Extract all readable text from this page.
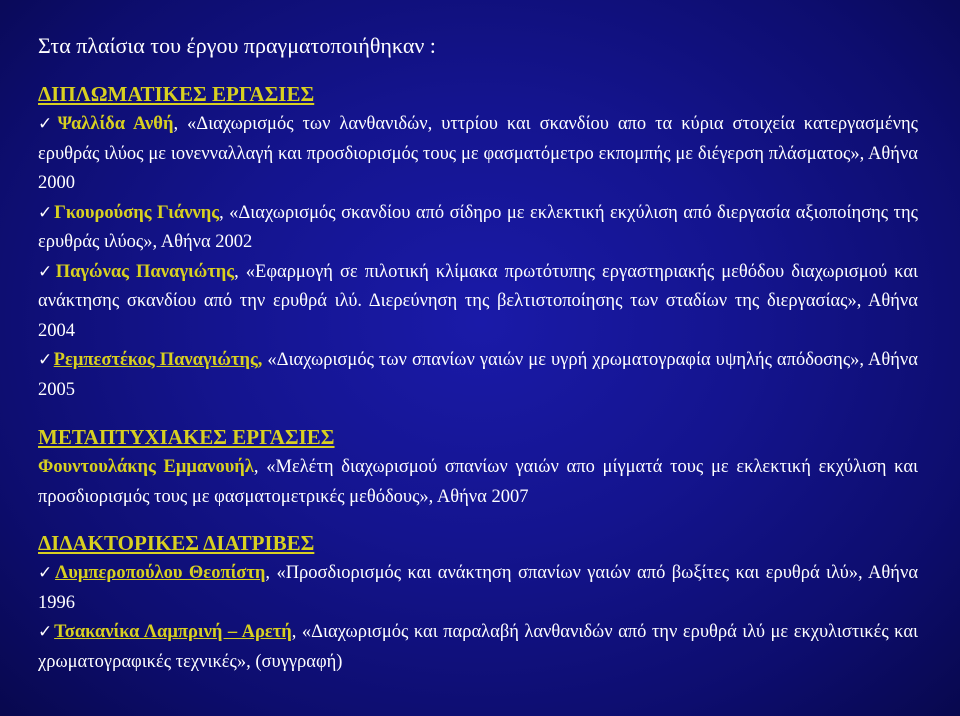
Στα πλαίσια του έργου πραγματοποιήθηκαν :

ΔΙΠΛΩΜΑΤΙΚΕΣ ΕΡΓΑΣΙΕΣ

✓Ψαλλίδα Ανθή, «Διαχωρισμός των λανθανιδών, υττρίου και σκανδίου απο τα κύρια στοιχεία κατεργασμένης ερυθράς ιλύος με ιονενναλλαγή και προσδιορισμός τους με φασματόμετρο εκπομπής με διέγερση πλάσματος», Αθήνα 2000

✓Γκουρούσης Γιάννης, «Διαχωρισμός σκανδίου από σίδηρο με εκλεκτική εκχύλιση από διεργασία αξιοποίησης της ερυθράς ιλύος», Αθήνα 2002

✓Παγώνας Παναγιώτης, «Εφαρμογή σε πιλοτική κλίμακα πρωτότυπης εργαστηριακής μεθόδου διαχωρισμού και ανάκτησης σκανδίου από την ερυθρά ιλύ. Διερεύνηση της βελτιστοποίησης των σταδίων της διεργασίας», Αθήνα 2004

✓Ρεμπεστέκος Παναγιώτης, «Διαχωρισμός των σπανίων γαιών με υγρή χρωματογραφία υψηλής απόδοσης», Αθήνα 2005

ΜΕΤΑΠΤΥΧΙΑΚΕΣ ΕΡΓΑΣΙΕΣ

Φουντουλάκης Εμμανουήλ, «Μελέτη διαχωρισμού σπανίων γαιών απο μίγματά τους με εκλεκτική εκχύλιση και προσδιορισμός τους με φασματομετρικές μεθόδους», Αθήνα 2007

ΔΙΔΑΚΤΟΡΙΚΕΣ ΔΙΑΤΡΙΒΕΣ

✓Λυμπεροπούλου Θεοπίστη, «Προσδιορισμός και ανάκτηση σπανίων γαιών από βωξίτες και ερυθρά ιλύ», Αθήνα 1996

✓Τσακανίκα Λαμπρινή – Αρετή, «Διαχωρισμός και παραλαβή λανθανιδών από την ερυθρά ιλύ με εκχυλιστικές και χρωματογραφικές τεχνικές», (συγγραφή)
